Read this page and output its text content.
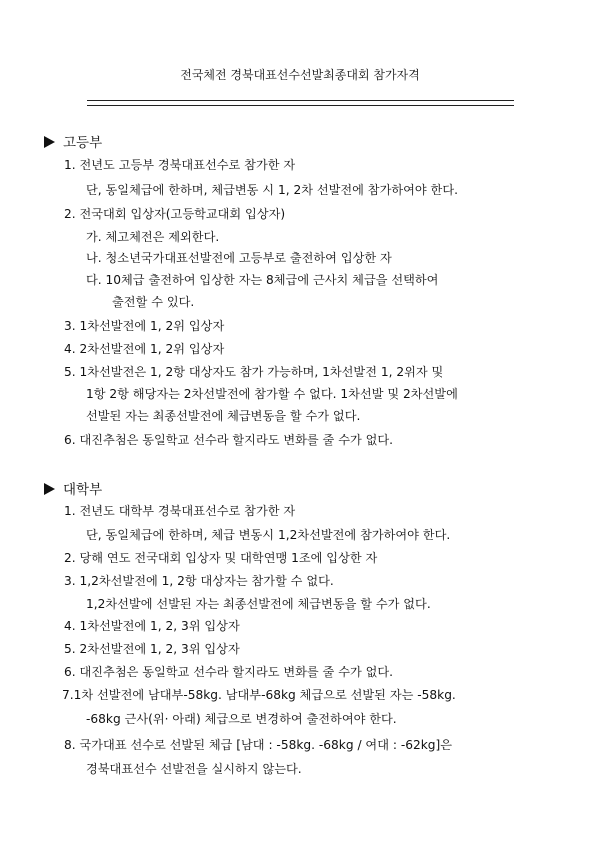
전국체전 경북대표선수선발최종대회 참가자격
고등부
1. 전년도 고등부 경북대표선수로 참가한 자
단, 동일체급에 한하며, 체급변동 시 1, 2차 선발전에 참가하여야 한다.
2. 전국대회 입상자(고등학교대회 입상자)
가. 체고체전은 제외한다.
나. 청소년국가대표선발전에 고등부로 출전하여 입상한 자
다. 10체급 출전하여 입상한 자는 8체급에 근사치 체급을 선택하여
출전할 수 있다.
3. 1차선발전에 1, 2위 입상자
4. 2차선발전에 1, 2위 입상자
5. 1차선발전은 1, 2항 대상자도 참가 가능하며, 1차선발전 1, 2위자 및
1항 2항 해당자는 2차선발전에 참가할 수 없다. 1차선발 및 2차선발에
선발된 자는 최종선발전에 체급변동을 할 수가 없다.
6. 대진추첨은 동일학교 선수라 할지라도 변화를 줄 수가 없다.
대학부
1. 전년도 대학부 경북대표선수로 참가한 자
단, 동일체급에 한하며, 체급 변동시 1,2차선발전에 참가하여야 한다.
2. 당해 연도 전국대회 입상자 및 대학연맹 1조에 입상한 자
3. 1,2차선발전에 1, 2항 대상자는 참가할 수 없다.
1,2차선발에 선발된 자는 최종선발전에 체급변동을 할 수가 없다.
4. 1차선발전에 1, 2, 3위 입상자
5. 2차선발전에 1, 2, 3위 입상자
6. 대진추첨은 동일학교 선수라 할지라도 변화를 줄 수가 없다.
7.1차 선발전에 남대부-58kg. 남대부-68kg 체급으로 선발된 자는 -58kg.
-68kg 근사(위· 아래) 체급으로 변경하여 출전하여야 한다.
8. 국가대표 선수로 선발된 체급 [남대 : -58kg. -68kg / 여대 : -62kg]은
경북대표선수 선발전을 실시하지 않는다.
